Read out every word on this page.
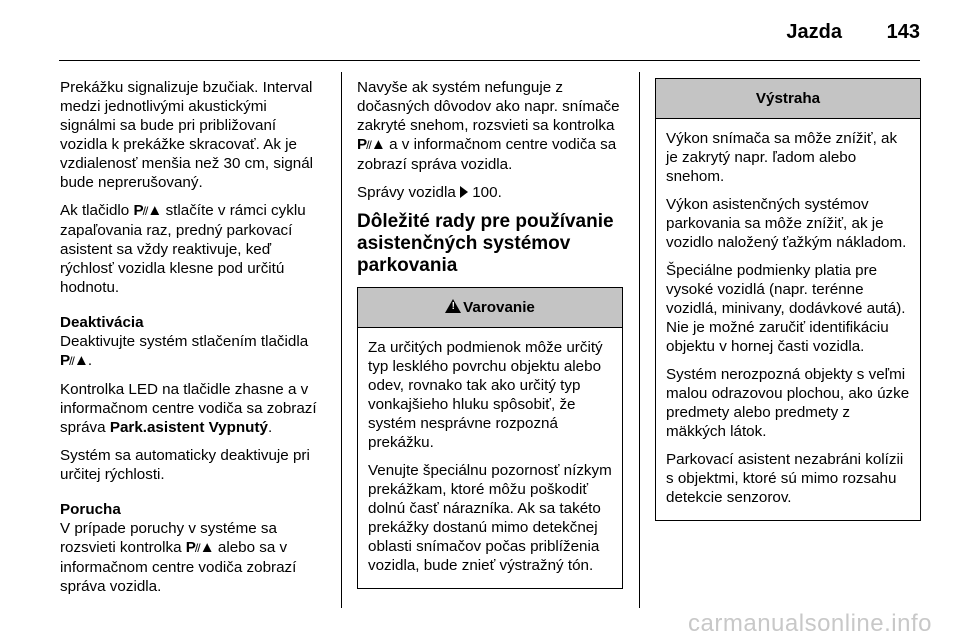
Jazda 143

Prekážku signalizuje bzučiak. Interval medzi jednotlivými akustickými signálmi sa bude pri približovaní vozidla k prekážke skracovať. Ak je vzdialenosť menšia než 30 cm, signál bude neprerušovaný.

Ak tlačidlo P//▲ stlačíte v rámci cyklu zapaľovania raz, predný parkovací asistent sa vždy reaktivuje, keď rýchlosť vozidla klesne pod určitú hodnotu.

Deaktivácia

Deaktivujte systém stlačením tlačidla P//▲.

Kontrolka LED na tlačidle zhasne a v informačnom centre vodiča sa zobrazí správa Park.asistent Vypnutý.

Systém sa automaticky deaktivuje pri určitej rýchlosti.

Porucha

V prípade poruchy v systéme sa rozsvieti kontrolka P//▲ alebo sa v informačnom centre vodiča zobrazí správa vozidla.

Navyše ak systém nefunguje z dočasných dôvodov ako napr. snímače zakryté snehom, rozsvieti sa kontrolka P//▲ a v informačnom centre vodiča sa zobrazí správa vozidla.

Správy vozidla 100.

Dôležité rady pre používanie asistenčných systémov parkovania
! Varovanie

Za určitých podmienok môže určitý typ lesklého povrchu objektu alebo odev, rovnako tak ako určitý typ vonkajšieho hluku spôsobiť, že systém nesprávne rozpozná prekážku.

Venujte špeciálnu pozornosť nízkym prekážkam, ktoré môžu poškodiť dolnú časť nárazníka. Ak sa takéto prekážky dostanú mimo detekčnej oblasti snímačov počas priblíženia vozidla, bude znieť výstražný tón.

Výstraha

Výkon snímača sa môže znížiť, ak je zakrytý napr. ľadom alebo snehom.

Výkon asistenčných systémov parkovania sa môže znížiť, ak je vozidlo naložený ťažkým nákladom.

Špeciálne podmienky platia pre vysoké vozidlá (napr. terénne vozidlá, minivany, dodávkové autá). Nie je možné zaručiť identifikáciu objektu v hornej časti vozidla.

Systém nerozpozná objekty s veľmi malou odrazovou plochou, ako úzke predmety alebo predmety z mäkkých látok.

Parkovací asistent nezabráni kolízii s objektmi, ktoré sú mimo rozsahu detekcie senzorov.

carmanualsonline.info
